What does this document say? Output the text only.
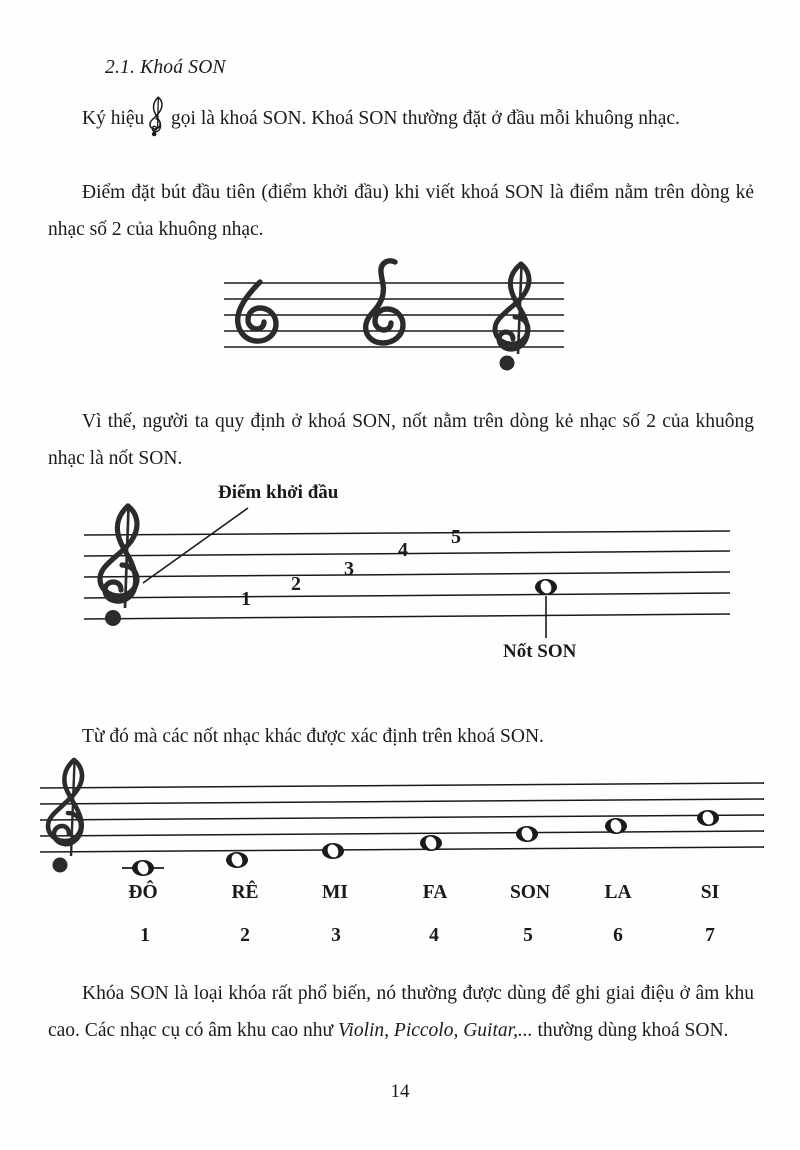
2.1. Khoá SON

Ký hiệu
gọi là khoá SON. Khoá SON thường đặt ở đầu mỗi khuông nhạc.

Điểm đặt bút đầu tiên (điểm khởi đầu) khi viết khoá SON là điểm nằm trên dòng kẻ nhạc số 2 của khuông nhạc.

Vì thế, người ta quy định ở khoá SON, nốt nằm trên dòng kẻ nhạc số 2 của khuông nhạc là nốt SON.

1
2
3
4
5
Điểm khởi đầu
Nốt SON

Từ đó mà các nốt nhạc khác được xác định trên khoá SON.

ĐÔ	RÊ	MI	FA	SON	LA	SI
1	2	3	4	5	6	7

Khóa SON là loại khóa rất phổ biến, nó thường được dùng để ghi giai điệu ở âm khu cao. Các nhạc cụ có âm khu cao như Violin, Piccolo, Guitar,... thường dùng khoá SON.

14
